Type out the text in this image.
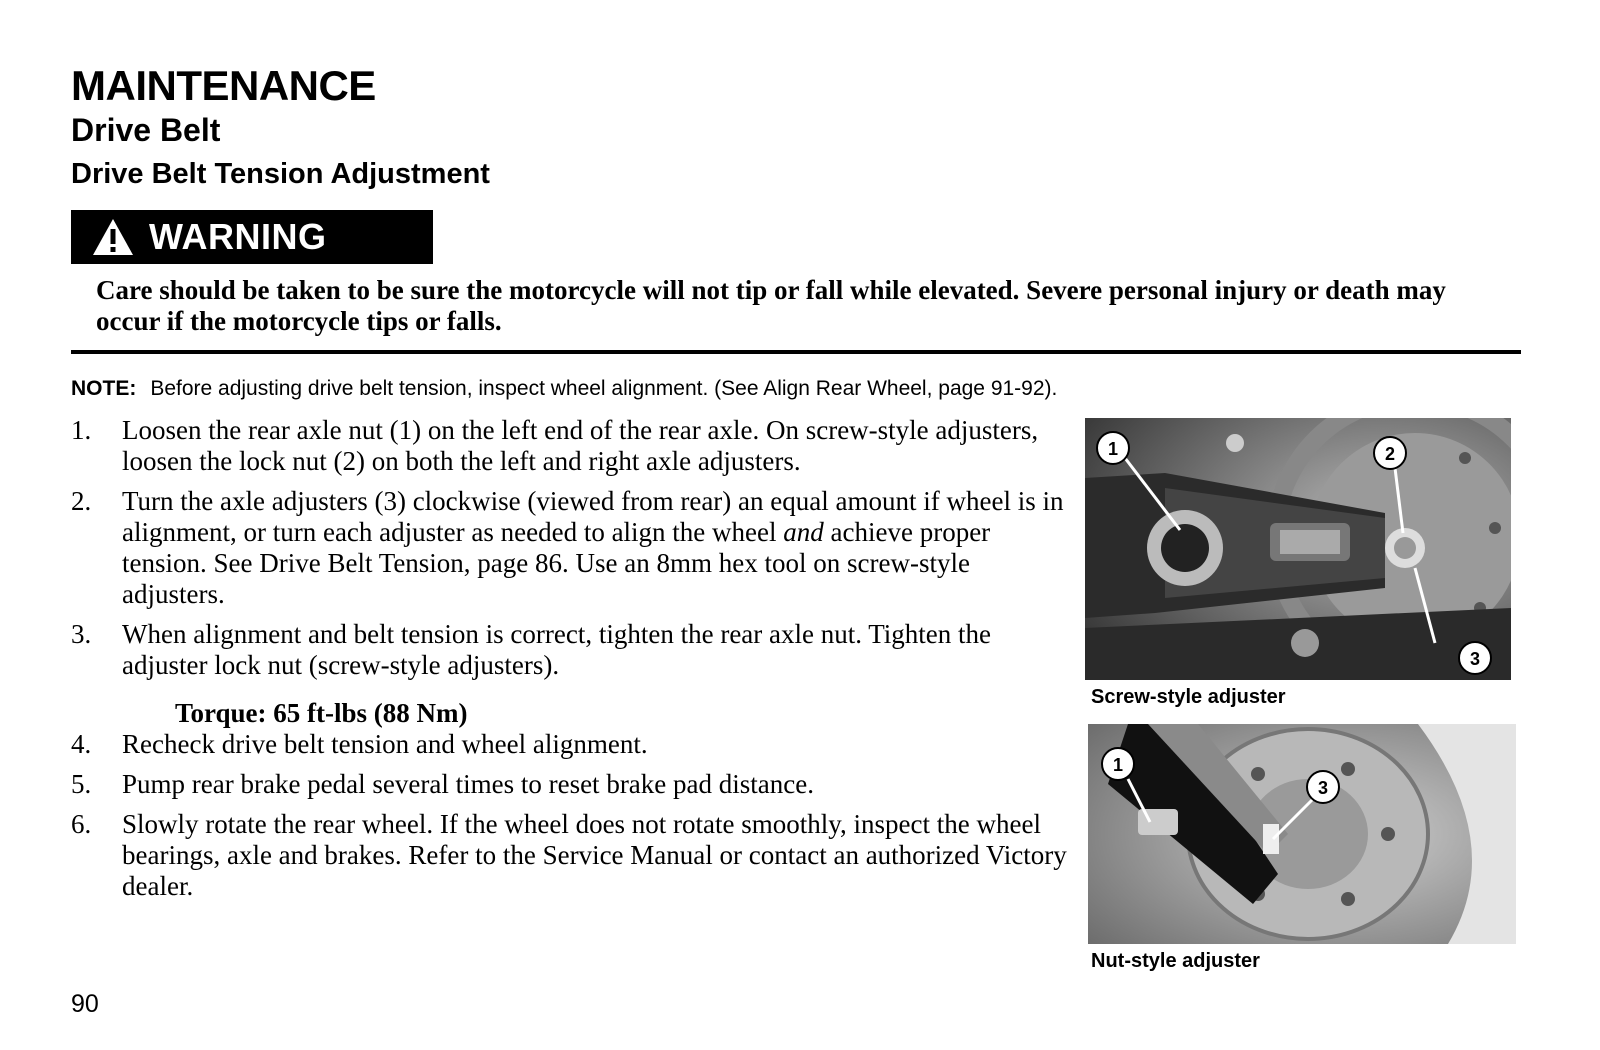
MAINTENANCE
Drive Belt
Drive Belt Tension Adjustment
WARNING
Care should be taken to be sure the motorcycle will not tip or fall while elevated. Severe personal injury or death may occur if the motorcycle tips or falls.
NOTE: Before adjusting drive belt tension, inspect wheel alignment. (See Align Rear Wheel, page 91-92).
1. Loosen the rear axle nut (1) on the left end of the rear axle. On screw-style adjusters, loosen the lock nut (2) on both the left and right axle adjusters.
2. Turn the axle adjusters (3) clockwise (viewed from rear) an equal amount if wheel is in alignment, or turn each adjuster as needed to align the wheel and achieve proper tension. See Drive Belt Tension, page 86. Use an 8mm hex tool on screw-style adjusters.
3. When alignment and belt tension is correct, tighten the rear axle nut. Tighten the adjuster lock nut (screw-style adjusters).
4. Recheck drive belt tension and wheel alignment.
5. Pump rear brake pedal several times to reset brake pad distance.
6. Slowly rotate the rear wheel. If the wheel does not rotate smoothly, inspect the wheel bearings, axle and brakes. Refer to the Service Manual or contact an authorized Victory dealer.
Torque: 65 ft-lbs (88 Nm)
1	2
3
Screw-style adjuster
1
3
Nut-style adjuster
90
